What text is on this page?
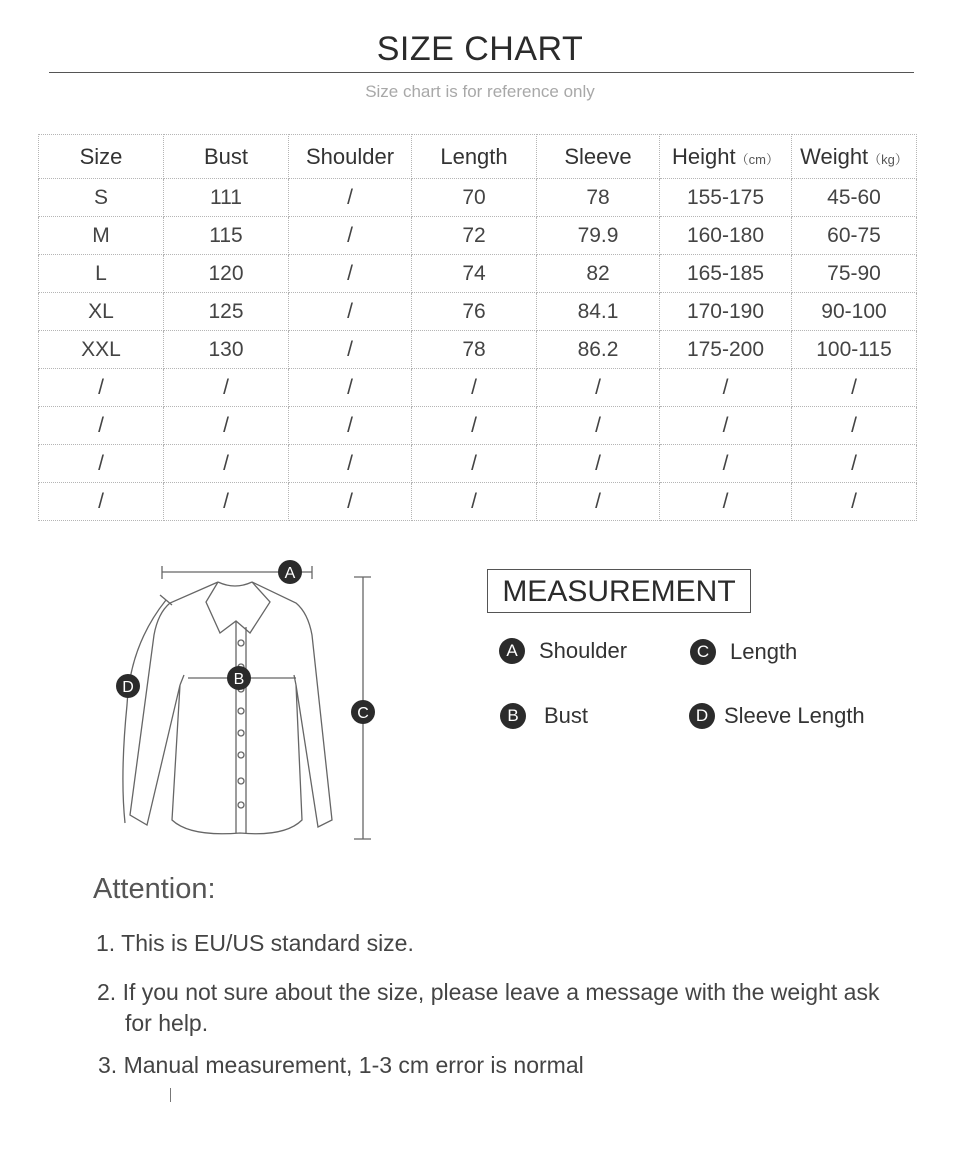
SIZE CHART
Size chart is for reference only
Size	Bust	Shoulder	Length	Sleeve	Height（cm）	Weight（kg）
S	111	/	70	78	155-175	45-60
M	115	/	72	79.9	160-180	60-75
L	120	/	74	82	165-185	75-90
XL	125	/	76	84.1	170-190	90-100
XXL	130	/	78	86.2	175-200	100-115
/	/	/	/	/	/	/
/	/	/	/	/	/	/
/	/	/	/	/	/	/
/	/	/	/	/	/	/
A
B
C
D
MEASUREMENT
A Shoulder	C Length
B	Bust	D Sleeve Length
Attention:
1. This is EU/US standard size.
2. If you not sure about the size, please leave a message with the weight ask for help.
3. Manual measurement, 1-3 cm error is normal
